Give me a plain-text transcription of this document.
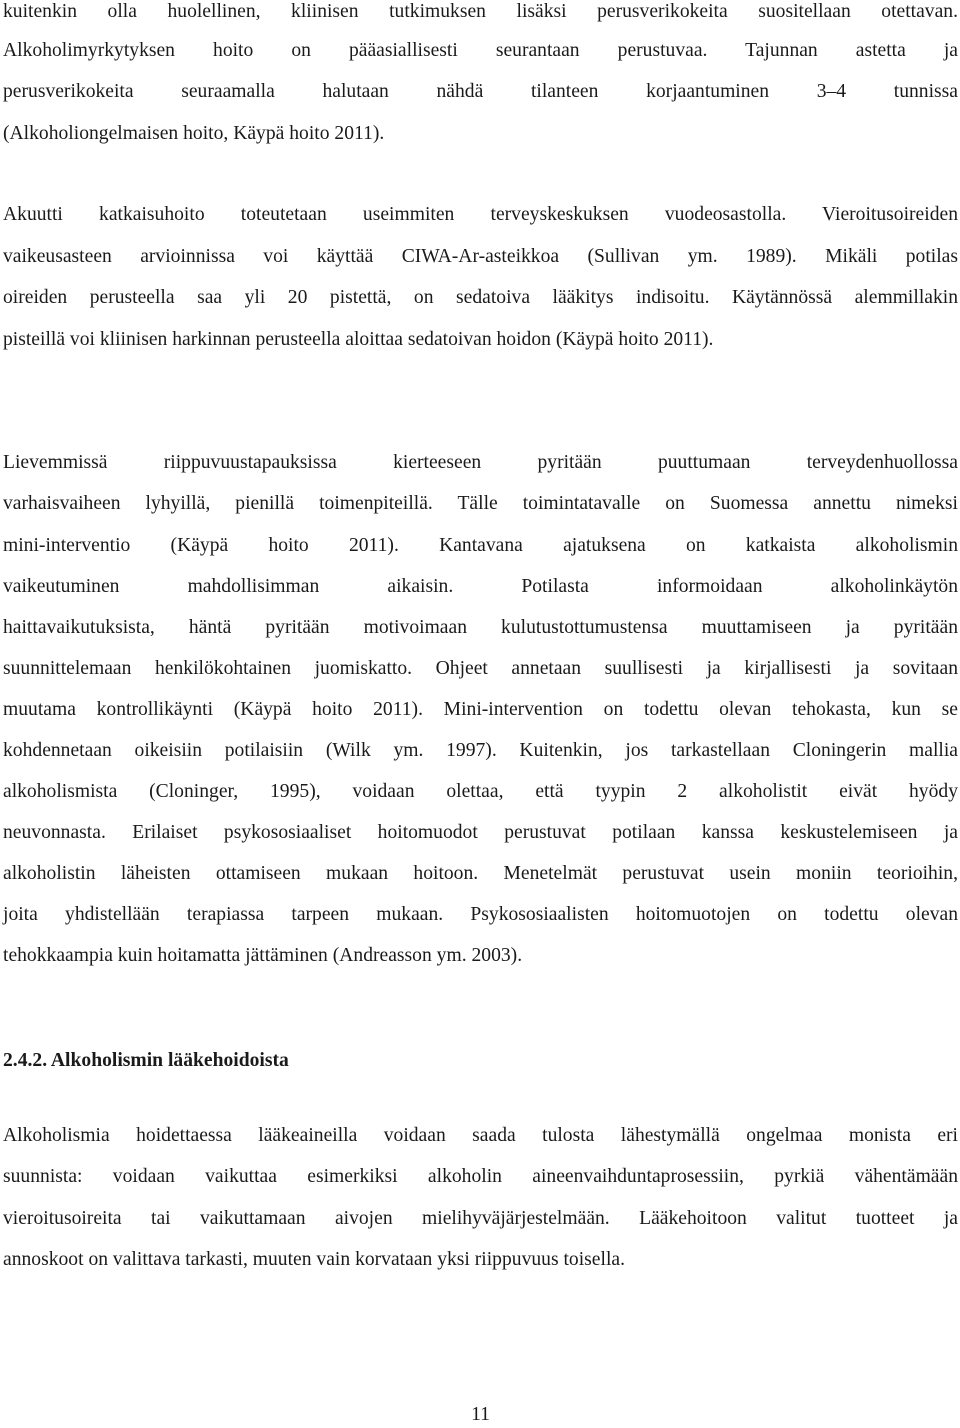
kuitenkin olla huolellinen, kliinisen tutkimuksen lisäksi perusverikokeita suositellaan otettavan.
Alkoholimyrkytyksen hoito on pääasiallisesti seurantaan perustuvaa. Tajunnan astetta ja
perusverikokeita seuraamalla halutaan nähdä tilanteen korjaantuminen 3–4 tunnissa
(Alkoholiongelmaisen hoito, Käypä hoito 2011).
Akuutti katkaisuhoito toteutetaan useimmiten terveyskeskuksen vuodeosastolla. Vieroitusoireiden
vaikeusasteen arvioinnissa voi käyttää CIWA-Ar-asteikkoa (Sullivan ym. 1989). Mikäli potilas
oireiden perusteella saa yli 20 pistettä, on sedatoiva lääkitys indisoitu. Käytännössä alemmillakin
pisteillä voi kliinisen harkinnan perusteella aloittaa sedatoivan hoidon (Käypä hoito 2011).
Lievemmissä riippuvuustapauksissa kierteeseen pyritään puuttumaan terveydenhuollossa
varhaisvaiheen lyhyillä, pienillä toimenpiteillä. Tälle toimintatavalle on Suomessa annettu nimeksi
mini-interventio (Käypä hoito 2011). Kantavana ajatuksena on katkaista alkoholismin
vaikeutuminen mahdollisimman aikaisin. Potilasta informoidaan alkoholinkäytön
haittavaikutuksista, häntä pyritään motivoimaan kulutustottumustensa muuttamiseen ja pyritään
suunnittelemaan henkilökohtainen juomiskatto. Ohjeet annetaan suullisesti ja kirjallisesti ja sovitaan
muutama kontrollikäynti (Käypä hoito 2011). Mini-intervention on todettu olevan tehokasta, kun se
kohdennetaan oikeisiin potilaisiin (Wilk ym. 1997). Kuitenkin, jos tarkastellaan Cloningerin mallia
alkoholismista (Cloninger, 1995), voidaan olettaa, että tyypin 2 alkoholistit eivät hyödy
neuvonnasta. Erilaiset psykososiaaliset hoitomuodot perustuvat potilaan kanssa keskustelemiseen ja
alkoholistin läheisten ottamiseen mukaan hoitoon. Menetelmät perustuvat usein moniin teorioihin,
joita yhdistellään terapiassa tarpeen mukaan. Psykososiaalisten hoitomuotojen on todettu olevan
tehokkaampia kuin hoitamatta jättäminen (Andreasson ym. 2003).
2.4.2. Alkoholismin lääkehoidoista
Alkoholismia hoidettaessa lääkeaineilla voidaan saada tulosta lähestymällä ongelmaa monista eri
suunnista: voidaan vaikuttaa esimerkiksi alkoholin aineenvaihduntaprosessiin, pyrkiä vähentämään
vieroitusoireita tai vaikuttamaan aivojen mielihyväjärjestelmään. Lääkehoitoon valitut tuotteet ja
annoskoot on valittava tarkasti, muuten vain korvataan yksi riippuvuus toisella.
11
